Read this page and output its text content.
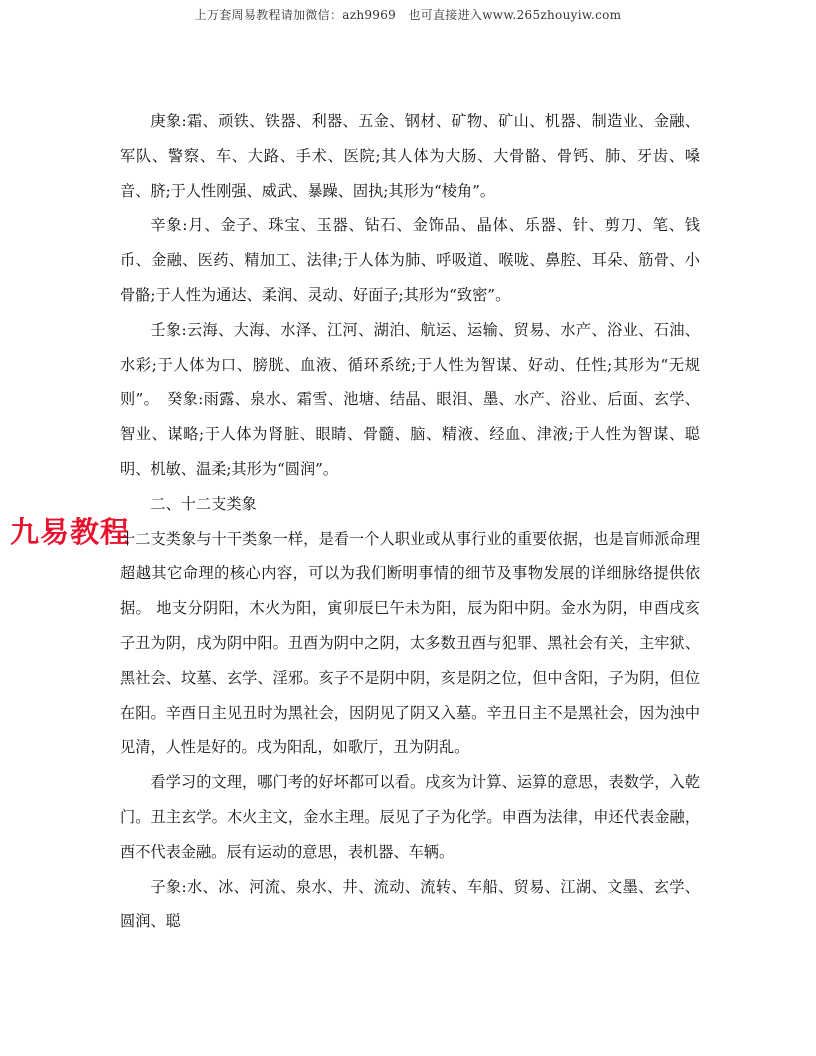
上万套周易教程请加微信：azh9969　也可直接进入www.265zhouyiw.com
九易教程

庚象:霜、顽铁、铁器、利器、五金、钢材、矿物、矿山、机器、制造业、金融、军队、警察、车、大路、手术、医院;其人体为大肠、大骨骼、骨钙、肺、牙齿、嗓音、脐;于人性刚强、威武、暴躁、固执;其形为“棱角”。

辛象:月、金子、珠宝、玉器、钻石、金饰品、晶体、乐器、针、剪刀、笔、钱币、金融、医药、精加工、法律;于人体为肺、呼吸道、喉咙、鼻腔、耳朵、筋骨、小骨骼;于人性为通达、柔润、灵动、好面子;其形为“致密”。

壬象:云海、大海、水泽、江河、湖泊、航运、运输、贸易、水产、浴业、石油、水彩;于人体为口、膀胱、血液、循环系统;于人性为智谋、好动、任性;其形为“无规则”。　癸象:雨露、泉水、霜雪、池塘、结晶、眼泪、墨、水产、浴业、后面、玄学、智业、谋略;于人体为肾脏、眼睛、骨髓、脑、精液、经血、津液;于人性为智谋、聪明、机敏、温柔;其形为“圆润”。

二、十二支类象

十二支类象与十干类象一样，是看一个人职业或从事行业的重要依据，也是盲师派命理超越其它命理的核心内容，可以为我们断明事情的细节及事物发展的详细脉络提供依据。 地支分阴阳，木火为阳，寅卯辰巳午未为阳，辰为阳中阴。金水为阴，申酉戌亥子丑为阴，戌为阴中阳。丑酉为阴中之阴，太多数丑酉与犯罪、黑社会有关，主牢狱、黑社会、坟墓、玄学、淫邪。亥子不是阴中阴，亥是阴之位，但中含阳，子为阴，但位在阳。辛酉日主见丑时为黑社会，因阴见了阴又入墓。辛丑日主不是黑社会，因为浊中见清，人性是好的。戌为阳乱，如歌厅，丑为阴乱。

看学习的文理，哪门考的好坏都可以看。戌亥为计算、运算的意思，表数学，入乾门。丑主玄学。木火主文，金水主理。辰见了子为化学。申酉为法律，申还代表金融，酉不代表金融。辰有运动的意思，表机器、车辆。

子象:水、冰、河流、泉水、井、流动、流转、车船、贸易、江湖、文墨、玄学、圆润、聪
